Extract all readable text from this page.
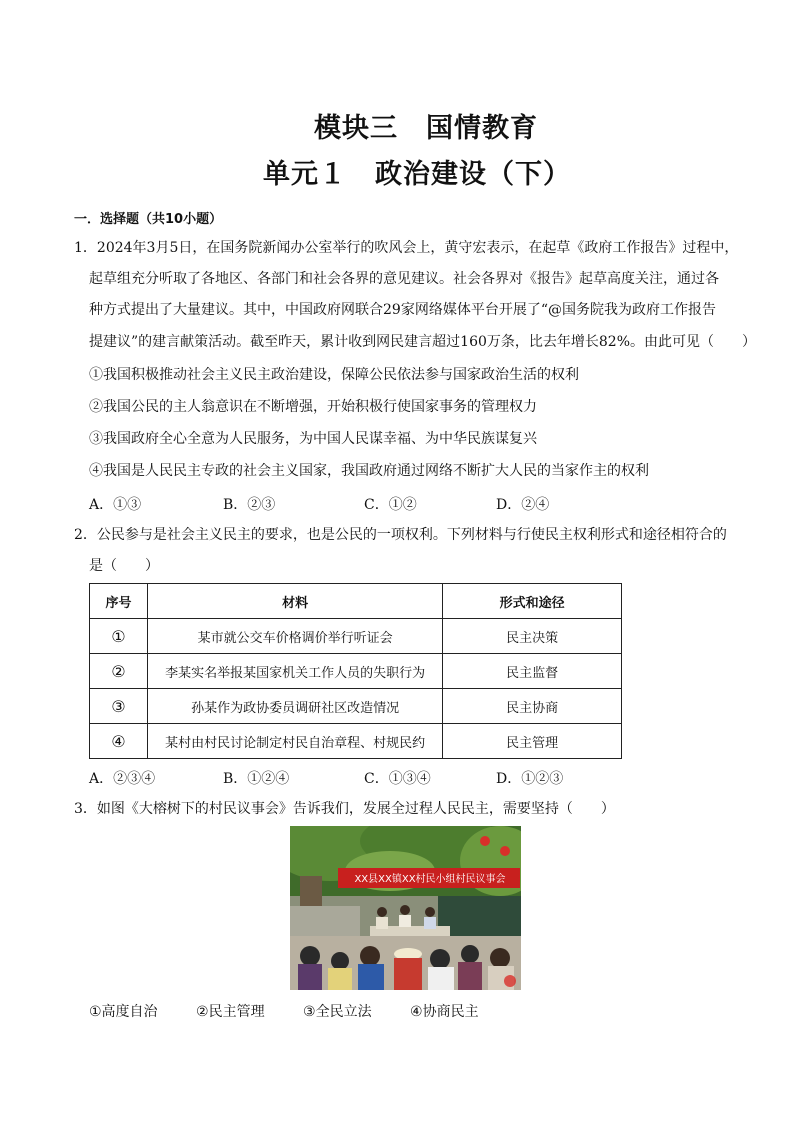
模块三　国情教育
单元１　政治建设（下）
一．选择题（共10小题）
1．2024年3月5日，在国务院新闻办公室举行的吹风会上，黄守宏表示，在起草《政府工作报告》过程中，
起草组充分听取了各地区、各部门和社会各界的意见建议。社会各界对《报告》起草高度关注，通过各
种方式提出了大量建议。其中，中国政府网联合29家网络媒体平台开展了“@国务院我为政府工作报告
提建议”的建言献策活动。截至昨天，累计收到网民建言超过160万条，比去年增长82%。由此可见（　　）
①我国积极推动社会主义民主政治建设，保障公民依法参与国家政治生活的权利
②我国公民的主人翁意识在不断增强，开始积极行使国家事务的管理权力
③我国政府全心全意为人民服务，为中国人民谋幸福、为中华民族谋复兴
④我国是人民民主专政的社会主义国家，我国政府通过网络不断扩大人民的当家作主的权利
A．①③	B．②③	C．①②	D．②④
2．公民参与是社会主义民主的要求，也是公民的一项权利。下列材料与行使民主权利形式和途径相符合的
是（　　）
序号	材料	形式和途径
①	某市就公交车价格调价举行听证会	民主决策
②	李某实名举报某国家机关工作人员的失职行为	民主监督
③	孙某作为政协委员调研社区改造情况	民主协商
④	某村由村民讨论制定村民自治章程、村规民约	民主管理
A．②③④	B．①②④	C．①③④	D．①②③
3．如图《大榕树下的村民议事会》告诉我们，发展全过程人民民主，需要坚持（　　）
XX县XX镇XX村民小组村民议事会
①高度自治	②民主管理	③全民立法	④协商民主
